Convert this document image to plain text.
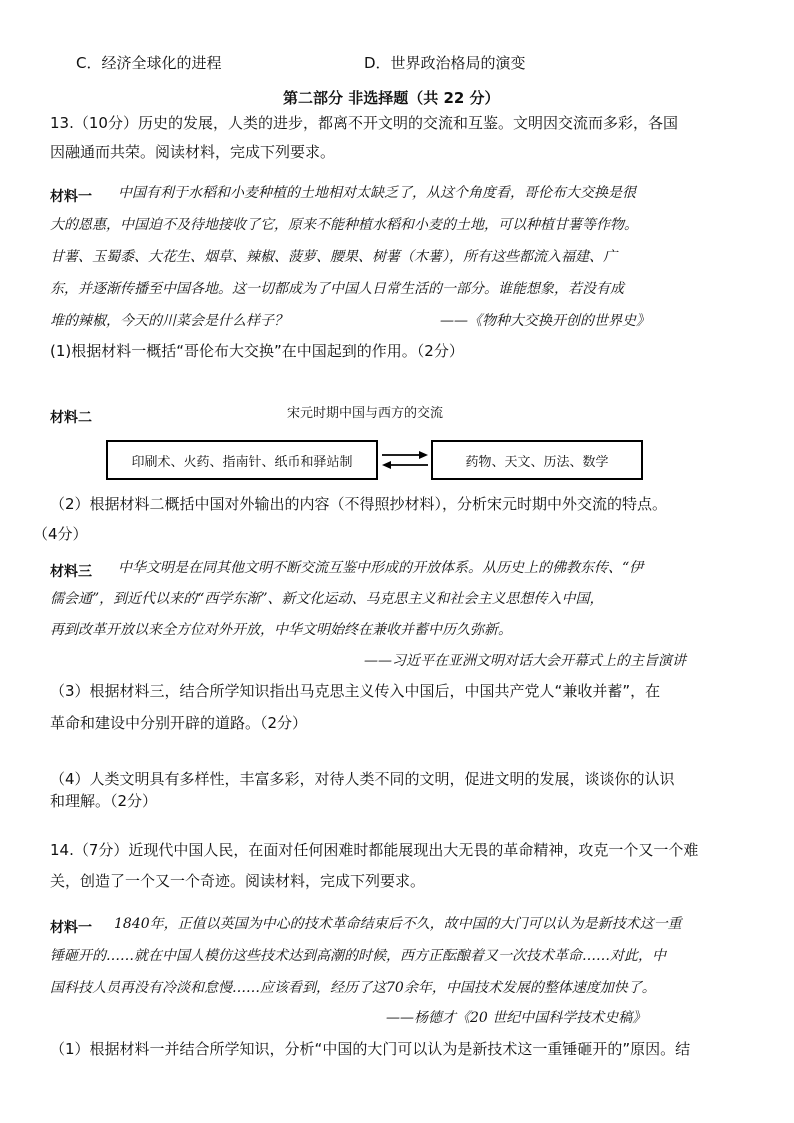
C．经济全球化的进程	D．世界政治格局的演变
第二部分 非选择题（共 22 分）
13.（10分）历史的发展，人类的进步，都离不开文明的交流和互鉴。文明因交流而多彩，各国
因融通而共荣。阅读材料，完成下列要求。
材料一 中国有利于水稻和小麦种植的土地相对太缺乏了，从这个角度看，哥伦布大交换是很
大的恩惠，中国迫不及待地接收了它，原来不能种植水稻和小麦的土地，可以种植甘薯等作物。
甘薯、玉蜀黍、大花生、烟草、辣椒、菠萝、腰果、树薯（木薯），所有这些都流入福建、广
东，并逐渐传播至中国各地。这一切都成为了中国人日常生活的一部分。谁能想象，若没有成
堆的辣椒，今天的川菜会是什么样子？	——《物种大交换开创的世界史》
(1)根据材料一概括“哥伦布大交换”在中国起到的作用。（2分）
材料二	宋元时期中国与西方的交流
印刷术、火药、指南针、纸币和驿站制	药物、天文、历法、数学
（2）根据材料二概括中国对外输出的内容（不得照抄材料），分析宋元时期中外交流的特点。
（4分）
材料三 中华文明是在同其他文明不断交流互鉴中形成的开放体系。从历史上的佛教东传、“伊
儒会通”，到近代以来的“西学东渐”、新文化运动、马克思主义和社会主义思想传入中国，
再到改革开放以来全方位对外开放，中华文明始终在兼收并蓄中历久弥新。
——习近平在亚洲文明对话大会开幕式上的主旨演讲
（3）根据材料三，结合所学知识指出马克思主义传入中国后，中国共产党人“兼收并蓄”，在
革命和建设中分别开辟的道路。（2分）
（4）人类文明具有多样性，丰富多彩，对待人类不同的文明，促进文明的发展，谈谈你的认识
和理解。（2分）
14.（7分）近现代中国人民，在面对任何困难时都能展现出大无畏的革命精神，攻克一个又一个难
关，创造了一个又一个奇迹。阅读材料，完成下列要求。
材料一 1840年，正值以英国为中心的技术革命结束后不久，故中国的大门可以认为是新技术这一重
锤砸开的……就在中国人模仿这些技术达到高潮的时候，西方正酝酿着又一次技术革命……对此，中
国科技人员再没有冷淡和怠慢……应该看到，经历了这70余年，中国技术发展的整体速度加快了。
——杨德才《20 世纪中国科学技术史稿》
（1）根据材料一并结合所学知识，分析“中国的大门可以认为是新技术这一重锤砸开的”原因。结
